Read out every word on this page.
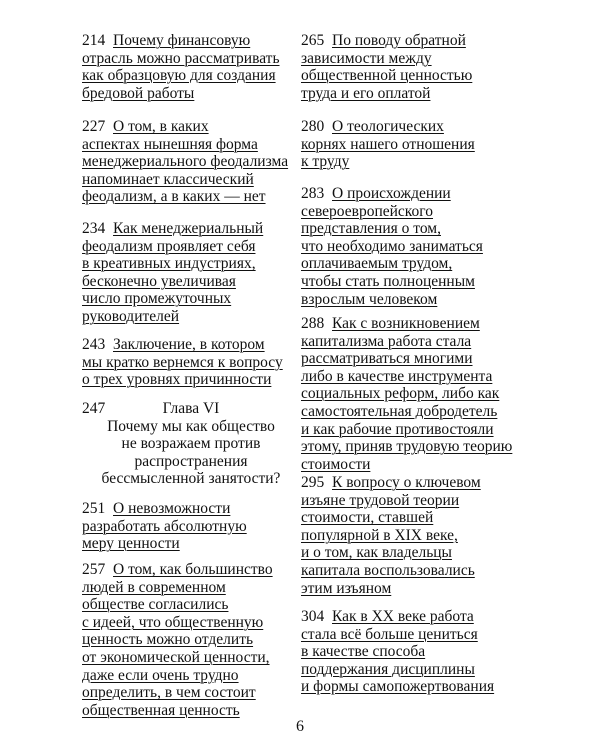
214 Почему финансовую
отрасль можно рассматривать
как образцовую для создания
бредовой работы
227 О том, в каких
аспектах нынешняя форма
менеджериального феодализма
напоминает классический
феодализм, а в каких — нет
234 Как менеджериальный
феодализм проявляет себя
в креативных индустриях,
бесконечно увеличивая
число промежуточных
руководителей
243 Заключение, в котором
мы кратко вернемся к вопросу
о трех уровнях причинности
247	Глава VI
Почему мы как общество
не возражаем против
распространения
бессмысленной занятости?
251 О невозможности
разработать абсолютную
меру ценности
257 О том, как большинство
людей в современном
обществе согласились
с идеей, что общественную
ценность можно отделить
от экономической ценности,
даже если очень трудно
определить, в чем состоит
общественная ценность
265 По поводу обратной
зависимости между
общественной ценностью
труда и его оплатой
280 О теологических
корнях нашего отношения
к труду
283 О происхождении
североевропейского
представления о том,
что необходимо заниматься
оплачиваемым трудом,
чтобы стать полноценным
взрослым человеком
288 Как с возникновением
капитализма работа стала
рассматриваться многими
либо в качестве инструмента
социальных реформ, либо как
самостоятельная добродетель
и как рабочие противостояли
этому, приняв трудовую теорию
стоимости
295 К вопросу о ключевом
изъяне трудовой теории
стоимости, ставшей
популярной в XIX веке,
и о том, как владельцы
капитала воспользовались
этим изъяном
304 Как в XX веке работа
стала всё больше цениться
в качестве способа
поддержания дисциплины
и формы самопожертвования
6
